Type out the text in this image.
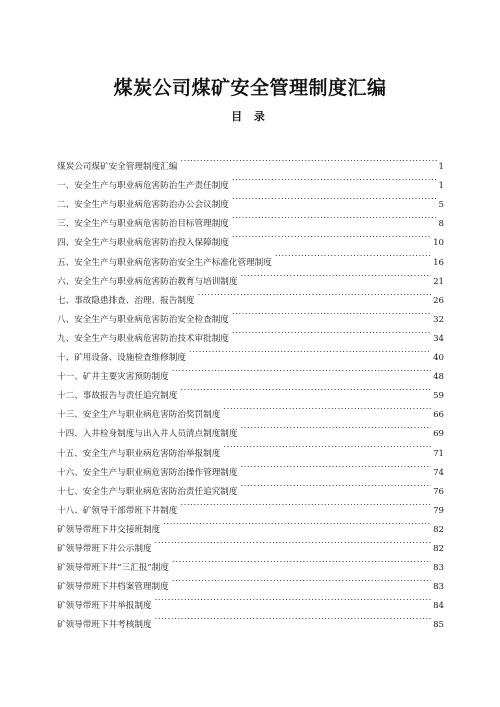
煤炭公司煤矿安全管理制度汇编
目 录
煤炭公司煤矿安全管理制度汇编 . . .	1
一、安全生产与职业病危害防治生产责任制度 . . .	1
二、安全生产与职业病危害防治办公会议制度 . . .	5
三、安全生产与职业病危害防治目标管理制度 . . .	8
四、安全生产与职业病危害防治投入保障制度 . . .	10
五、安全生产与职业病危害防治安全生产标准化管理制度 . . .	16
六、安全生产与职业病危害防治教育与培训制度 . . .	21
七、事故隐患排查、治理、报告制度 . . .	26
八、安全生产与职业病危害防治安全检查制度 . . .	32
九、安全生产与职业病危害防治技术审批制度 . . .	34
十、矿用设备、设施检查维修制度 . . .	40
十一、矿井主要灾害预防制度 . . .	48
十二、事故报告与责任追究制度 . . .	59
十三、安全生产与职业病危害防治奖罚制度 . . .	66
十四、入井检身制度与出入井人员清点制度制度 . . .	69
十五、安全生产与职业病危害防治举报制度 . . .	71
十六、安全生产与职业病危害防治操作管理制度 . . .	74
十七、安全生产与职业病危害防治责任追究制度 . . .	76
十八、矿领导干部带班下井制度 . . .	79
矿领导带班下井交接班制度 . . .	82
矿领导带班下井公示制度 . . .	82
矿领导带班下井“三汇报”制度 . . .	83
矿领导带班下井档案管理制度 . . .	83
矿领导带班下井举报制度 . . .	84
矿领导带班下井考核制度 . . .	85
